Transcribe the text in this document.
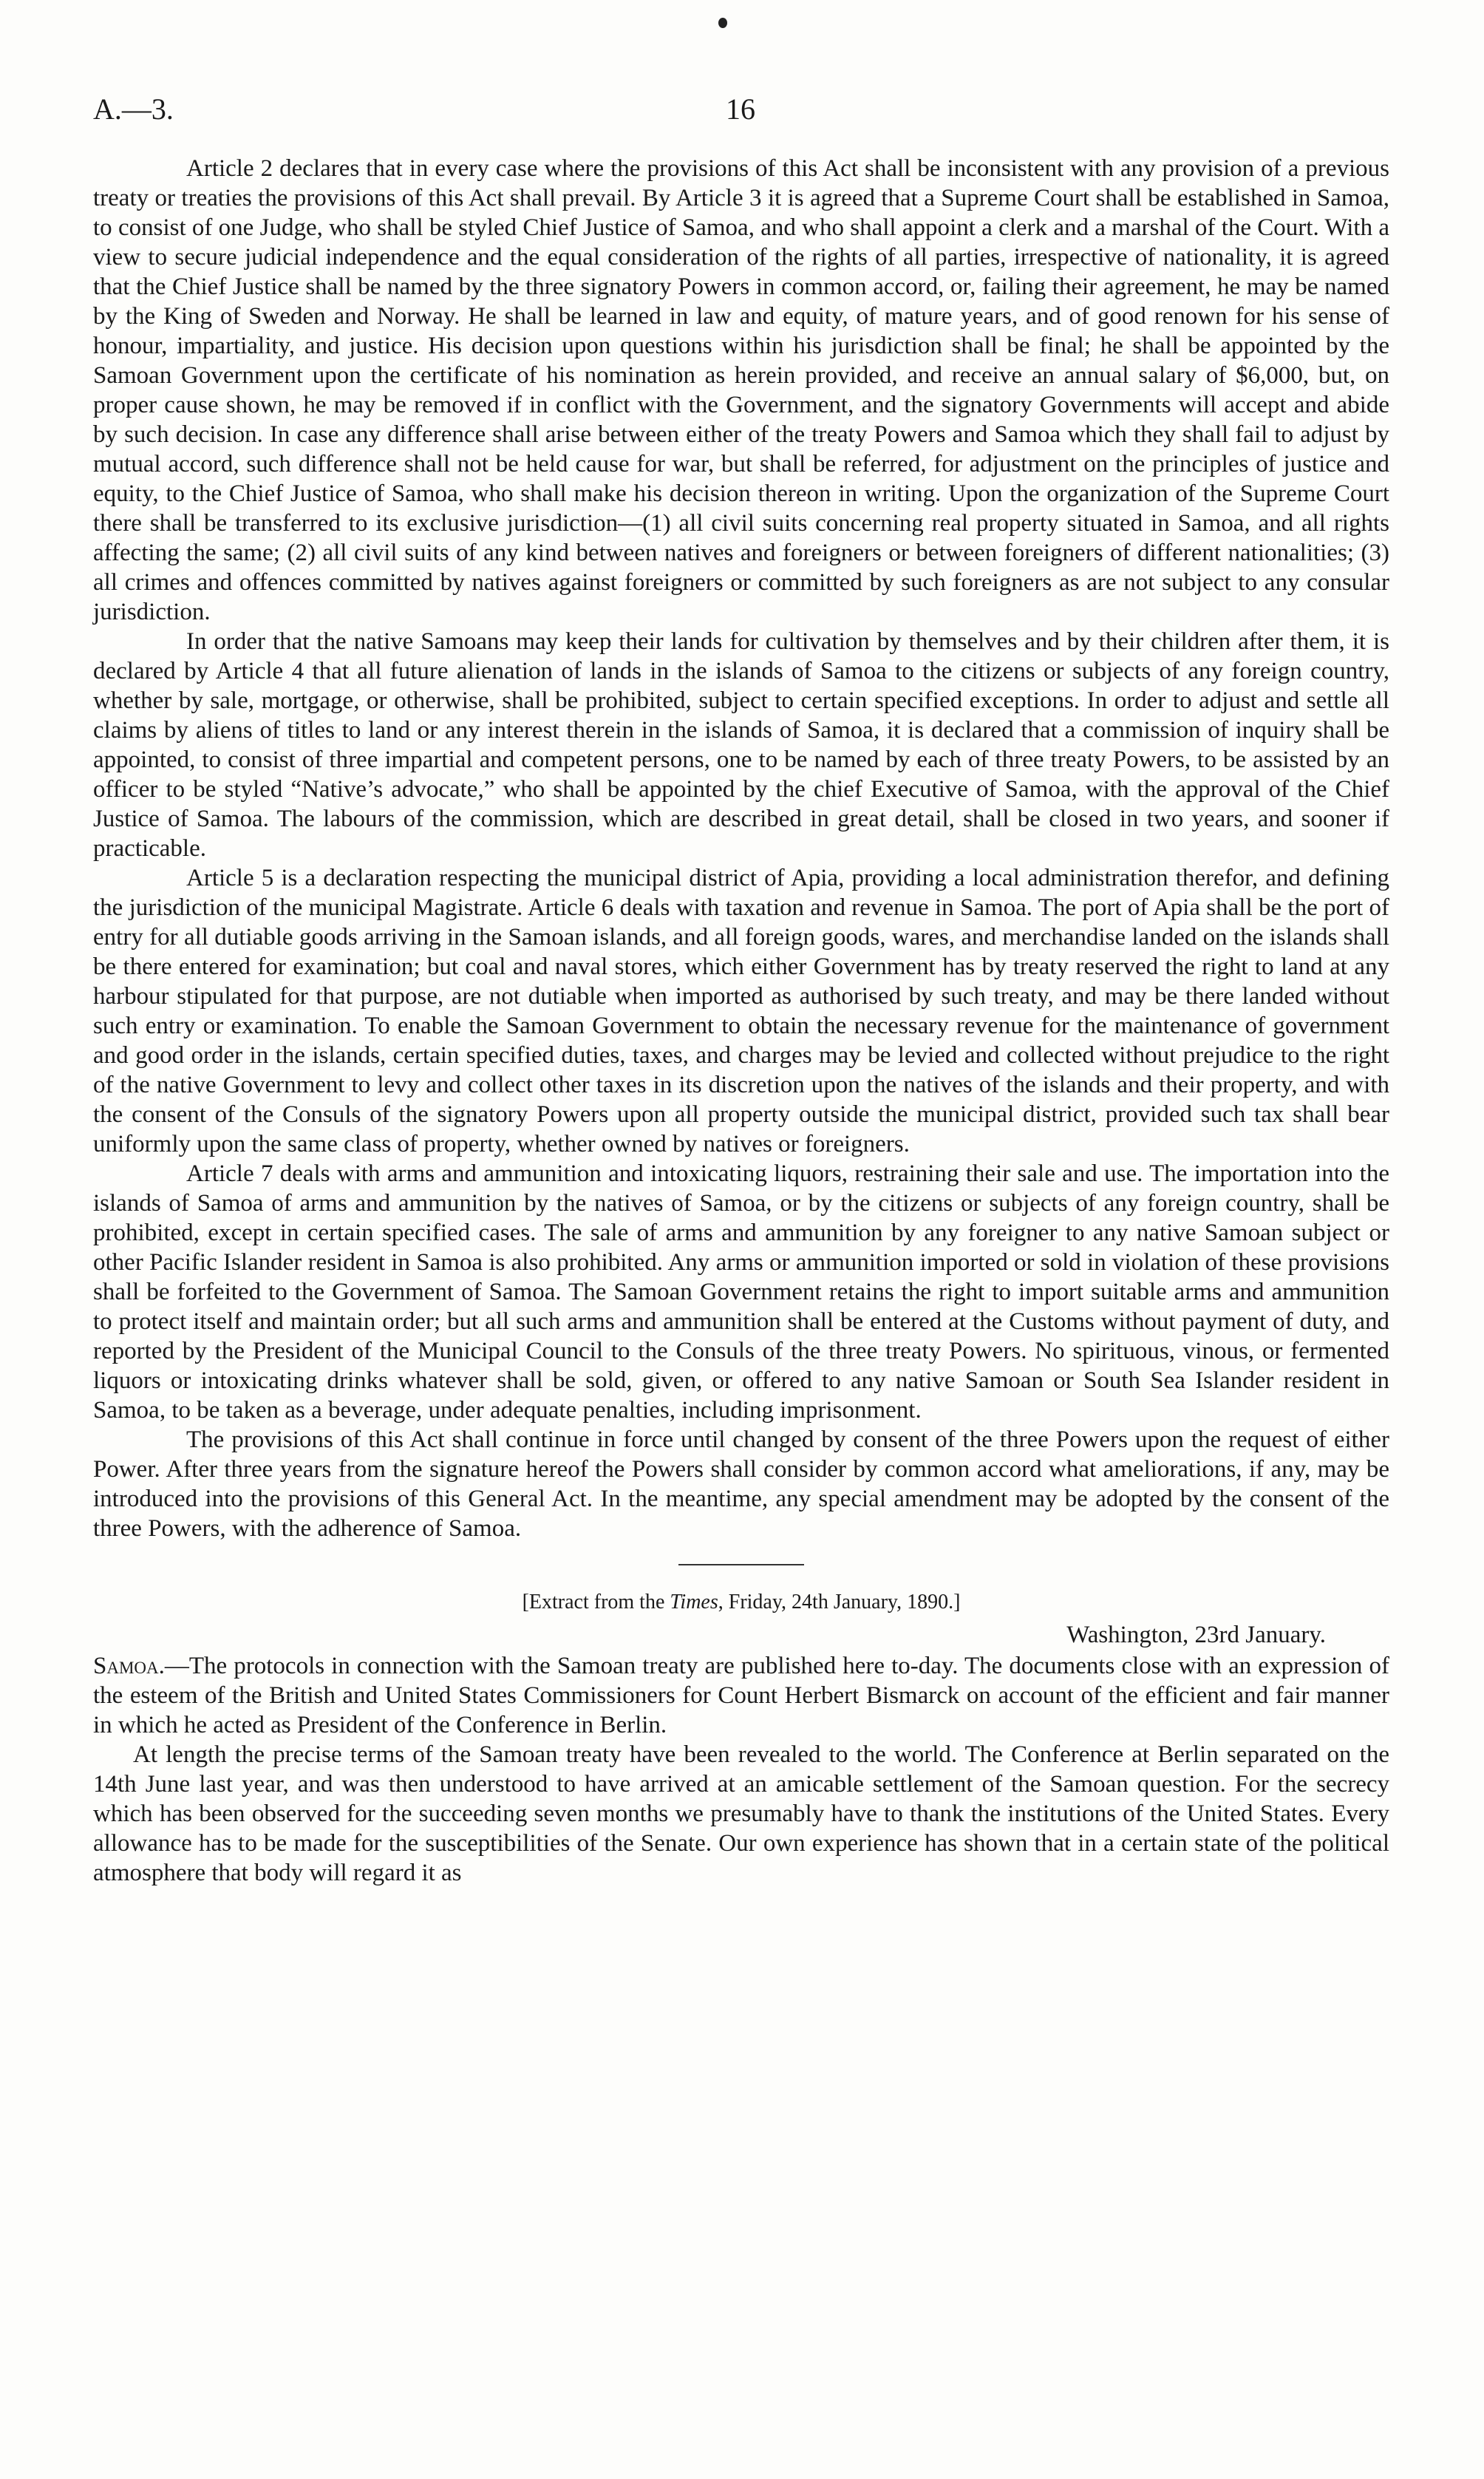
A.—3.	16

Article 2 declares that in every case where the provisions of this Act shall be inconsistent with any provision of a previous treaty or treaties the provisions of this Act shall prevail. By Article 3 it is agreed that a Supreme Court shall be established in Samoa, to consist of one Judge, who shall be styled Chief Justice of Samoa, and who shall appoint a clerk and a marshal of the Court. With a view to secure judicial independence and the equal consideration of the rights of all parties, irrespective of nationality, it is agreed that the Chief Justice shall be named by the three signatory Powers in common accord, or, failing their agreement, he may be named by the King of Sweden and Norway. He shall be learned in law and equity, of mature years, and of good renown for his sense of honour, impartiality, and justice. His decision upon questions within his jurisdiction shall be final; he shall be appointed by the Samoan Government upon the certificate of his nomination as herein provided, and receive an annual salary of $6,000, but, on proper cause shown, he may be removed if in conflict with the Government, and the signatory Governments will accept and abide by such decision. In case any difference shall arise between either of the treaty Powers and Samoa which they shall fail to adjust by mutual accord, such difference shall not be held cause for war, but shall be referred, for adjustment on the principles of justice and equity, to the Chief Justice of Samoa, who shall make his decision thereon in writing. Upon the organization of the Supreme Court there shall be transferred to its exclusive jurisdiction—(1) all civil suits concerning real property situated in Samoa, and all rights affecting the same; (2) all civil suits of any kind between natives and foreigners or between foreigners of different nationalities; (3) all crimes and offences committed by natives against foreigners or committed by such foreigners as are not subject to any consular jurisdiction.

In order that the native Samoans may keep their lands for cultivation by themselves and by their children after them, it is declared by Article 4 that all future alienation of lands in the islands of Samoa to the citizens or subjects of any foreign country, whether by sale, mortgage, or otherwise, shall be prohibited, subject to certain specified exceptions. In order to adjust and settle all claims by aliens of titles to land or any interest therein in the islands of Samoa, it is declared that a commission of inquiry shall be appointed, to consist of three impartial and competent persons, one to be named by each of three treaty Powers, to be assisted by an officer to be styled “Native’s advocate,” who shall be appointed by the chief Executive of Samoa, with the approval of the Chief Justice of Samoa. The labours of the commission, which are described in great detail, shall be closed in two years, and sooner if practicable.

Article 5 is a declaration respecting the municipal district of Apia, providing a local administration therefor, and defining the jurisdiction of the municipal Magistrate. Article 6 deals with taxation and revenue in Samoa. The port of Apia shall be the port of entry for all dutiable goods arriving in the Samoan islands, and all foreign goods, wares, and merchandise landed on the islands shall be there entered for examination; but coal and naval stores, which either Government has by treaty reserved the right to land at any harbour stipulated for that purpose, are not dutiable when imported as authorised by such treaty, and may be there landed without such entry or examination. To enable the Samoan Government to obtain the necessary revenue for the maintenance of government and good order in the islands, certain specified duties, taxes, and charges may be levied and collected without prejudice to the right of the native Government to levy and collect other taxes in its discretion upon the natives of the islands and their property, and with the consent of the Consuls of the signatory Powers upon all property outside the municipal district, provided such tax shall bear uniformly upon the same class of property, whether owned by natives or foreigners.

Article 7 deals with arms and ammunition and intoxicating liquors, restraining their sale and use. The importation into the islands of Samoa of arms and ammunition by the natives of Samoa, or by the citizens or subjects of any foreign country, shall be prohibited, except in certain specified cases. The sale of arms and ammunition by any foreigner to any native Samoan subject or other Pacific Islander resident in Samoa is also prohibited. Any arms or ammunition imported or sold in violation of these provisions shall be forfeited to the Government of Samoa. The Samoan Government retains the right to import suitable arms and ammunition to protect itself and maintain order; but all such arms and ammunition shall be entered at the Customs without payment of duty, and reported by the President of the Municipal Council to the Consuls of the three treaty Powers. No spirituous, vinous, or fermented liquors or intoxicating drinks whatever shall be sold, given, or offered to any native Samoan or South Sea Islander resident in Samoa, to be taken as a beverage, under adequate penalties, including imprisonment.

The provisions of this Act shall continue in force until changed by consent of the three Powers upon the request of either Power. After three years from the signature hereof the Powers shall consider by common accord what ameliorations, if any, may be introduced into the provisions of this General Act. In the meantime, any special amendment may be adopted by the consent of the three Powers, with the adherence of Samoa.

[Extract from the Times, Friday, 24th January, 1890.]
Washington, 23rd January.

Samoa.—The protocols in connection with the Samoan treaty are published here to-day. The documents close with an expression of the esteem of the British and United States Commissioners for Count Herbert Bismarck on account of the efficient and fair manner in which he acted as President of the Conference in Berlin.

At length the precise terms of the Samoan treaty have been revealed to the world. The Conference at Berlin separated on the 14th June last year, and was then understood to have arrived at an amicable settlement of the Samoan question. For the secrecy which has been observed for the succeeding seven months we presumably have to thank the institutions of the United States. Every allowance has to be made for the susceptibilities of the Senate. Our own experience has shown that in a certain state of the political atmosphere that body will regard it as
